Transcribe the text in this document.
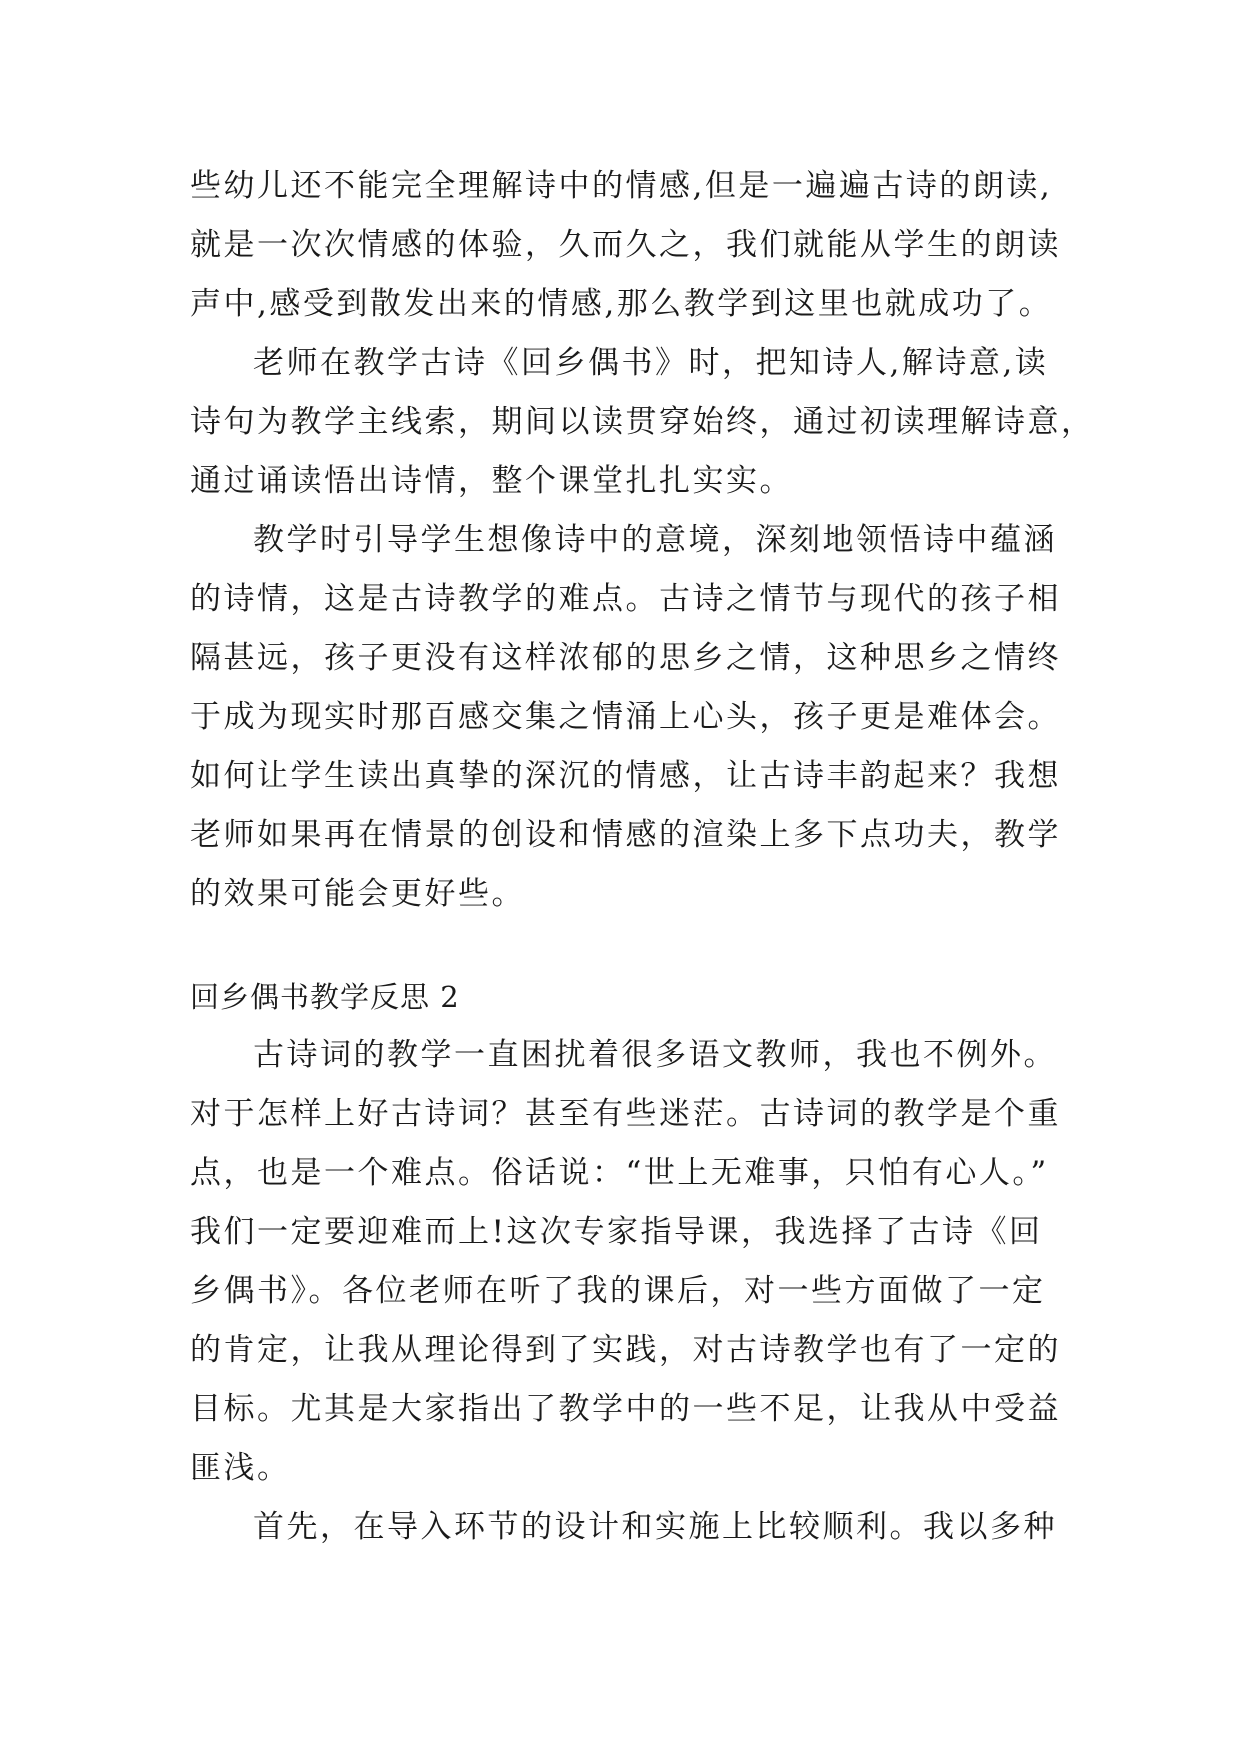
些幼儿还不能完全理解诗中的情感,但是一遍遍古诗的朗读,
就是一次次情感的体验，久而久之，我们就能从学生的朗读
声中,感受到散发出来的情感,那么教学到这里也就成功了。
老师在教学古诗《回乡偶书》时，把知诗人,解诗意,读
诗句为教学主线索，期间以读贯穿始终，通过初读理解诗意，
通过诵读悟出诗情，整个课堂扎扎实实。
教学时引导学生想像诗中的意境，深刻地领悟诗中蕴涵
的诗情，这是古诗教学的难点。古诗之情节与现代的孩子相
隔甚远，孩子更没有这样浓郁的思乡之情，这种思乡之情终
于成为现实时那百感交集之情涌上心头，孩子更是难体会。
如何让学生读出真挚的深沉的情感，让古诗丰韵起来？我想
老师如果再在情景的创设和情感的渲染上多下点功夫，教学
的效果可能会更好些。
回乡偶书教学反思 2
古诗词的教学一直困扰着很多语文教师，我也不例外。
对于怎样上好古诗词？甚至有些迷茫。古诗词的教学是个重
点，也是一个难点。俗话说：“世上无难事，只怕有心人。”
我们一定要迎难而上!这次专家指导课，我选择了古诗《回
乡偶书》。各位老师在听了我的课后，对一些方面做了一定
的肯定，让我从理论得到了实践，对古诗教学也有了一定的
目标。尤其是大家指出了教学中的一些不足，让我从中受益
匪浅。
首先，在导入环节的设计和实施上比较顺利。我以多种
